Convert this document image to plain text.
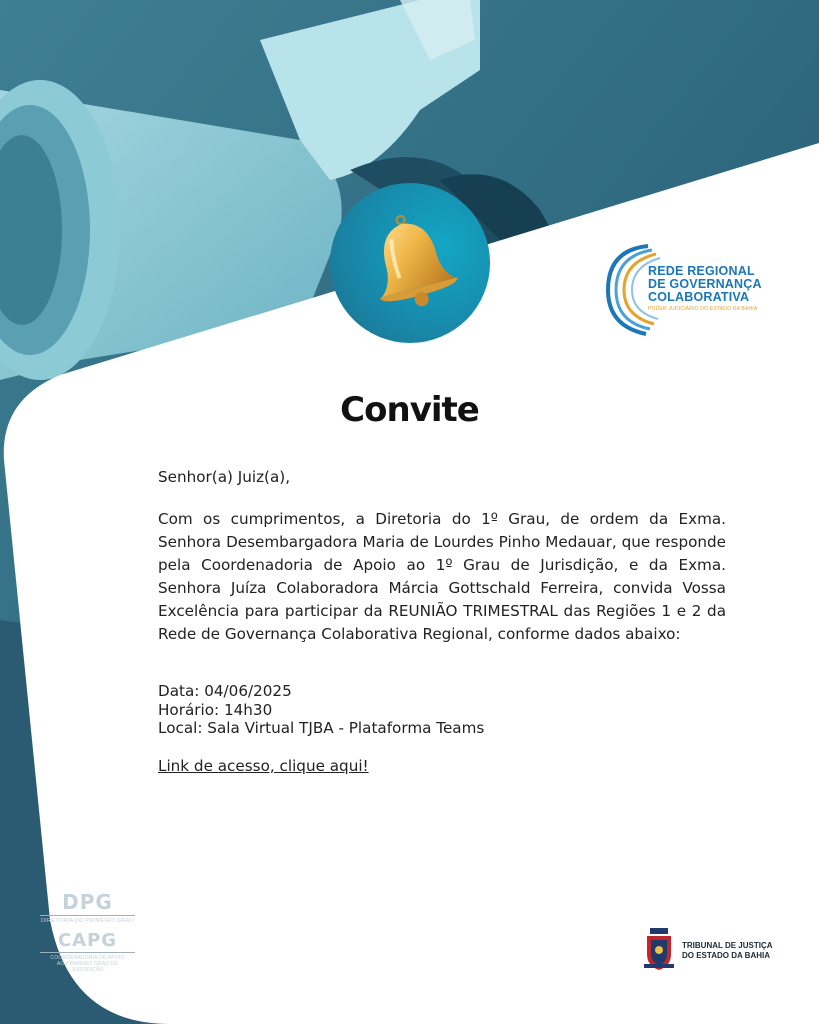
REDE REGIONAL
DE GOVERNANÇA
COLABORATIVA
PODER JUDICIÁRIO DO ESTADO DA BAHIA
Convite

Senhor(a) Juiz(a),

Com os cumprimentos, a Diretoria do 1º Grau, de ordem da Exma. Senhora Desembargadora Maria de Lourdes Pinho Medauar, que responde pela Coordenadoria de Apoio ao 1º Grau de Jurisdição, e da Exma. Senhora Juíza Colaboradora Márcia Gottschald Ferreira, convida Vossa Excelência para participar da REUNIÃO TRIMESTRAL das Regiões 1 e 2 da Rede de Governança Colaborativa Regional, conforme dados abaixo:

Data: 04/06/2025
Horário: 14h30
Local: Sala Virtual TJBA - Plataforma Teams
Link de acesso, clique aqui!
DPG
DIRETORIA DO PRIMEIRO GRAU
CAPG
COORDENADORIA DE APOIO
AO PRIMEIRO GRAU DE JURISDIÇÃO
TRIBUNAL DE JUSTIÇA
DO ESTADO DA BAHIA
